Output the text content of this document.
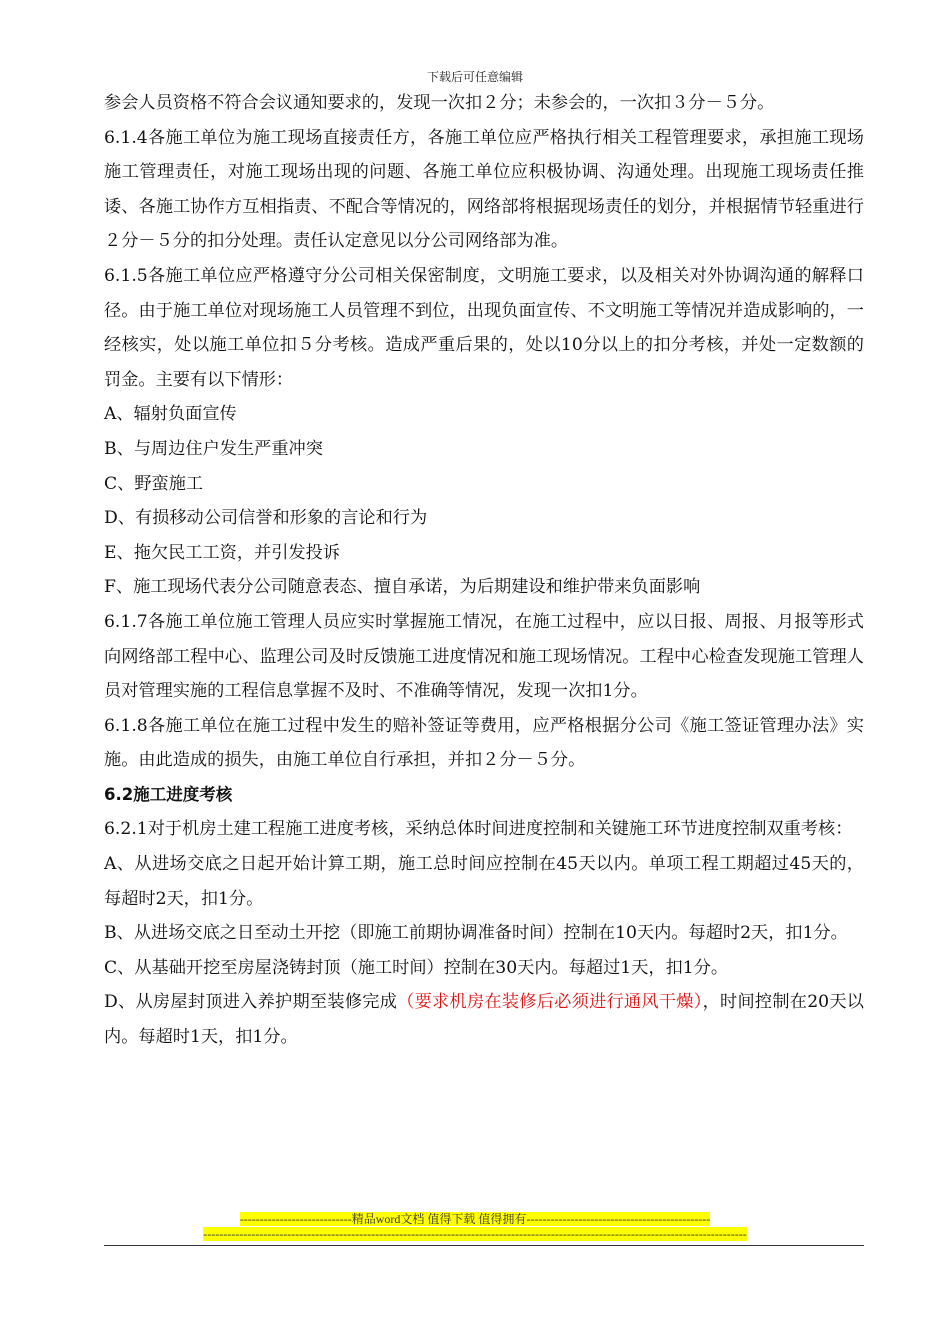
下载后可任意编辑

参会人员资格不符合会议通知要求的，发现一次扣２分；未参会的，一次扣３分－５分。

6.1.4各施工单位为施工现场直接责任方，各施工单位应严格执行相关工程管理要求，承担施工现场施工管理责任，对施工现场出现的问题、各施工单位应积极协调、沟通处理。出现施工现场责任推诿、各施工协作方互相指责、不配合等情况的，网络部将根据现场责任的划分，并根据情节轻重进行２分－５分的扣分处理。责任认定意见以分公司网络部为准。

6.1.5各施工单位应严格遵守分公司相关保密制度，文明施工要求，以及相关对外协调沟通的解释口径。由于施工单位对现场施工人员管理不到位，出现负面宣传、不文明施工等情况并造成影响的，一经核实，处以施工单位扣５分考核。造成严重后果的，处以10分以上的扣分考核，并处一定数额的罚金。主要有以下情形：

A、辐射负面宣传

B、与周边住户发生严重冲突

C、野蛮施工

D、有损移动公司信誉和形象的言论和行为

E、拖欠民工工资，并引发投诉

F、施工现场代表分公司随意表态、擅自承诺，为后期建设和维护带来负面影响

6.1.7各施工单位施工管理人员应实时掌握施工情况，在施工过程中，应以日报、周报、月报等形式向网络部工程中心、监理公司及时反馈施工进度情况和施工现场情况。工程中心检查发现施工管理人员对管理实施的工程信息掌握不及时、不准确等情况，发现一次扣1分。

6.1.8各施工单位在施工过程中发生的赔补签证等费用，应严格根据分公司《施工签证管理办法》实施。由此造成的损失，由施工单位自行承担，并扣２分－５分。

6.2施工进度考核

6.2.1对于机房土建工程施工进度考核，采纳总体时间进度控制和关键施工环节进度控制双重考核：

A、从进场交底之日起开始计算工期，施工总时间应控制在45天以内。单项工程工期超过45天的，每超时2天，扣1分。

B、从进场交底之日至动土开挖（即施工前期协调准备时间）控制在10天内。每超时2天，扣1分。

C、从基础开挖至房屋浇铸封顶（施工时间）控制在30天内。每超过1天，扣1分。

D、从房屋封顶进入养护期至装修完成（要求机房在装修后必须进行通风干燥），时间控制在20天以内。每超时1天，扣1分。

----------------------------精品word文档 值得下载 值得拥有----------------------------------------------
----------------------------------------------------------------------------------------------------------------------------------------
